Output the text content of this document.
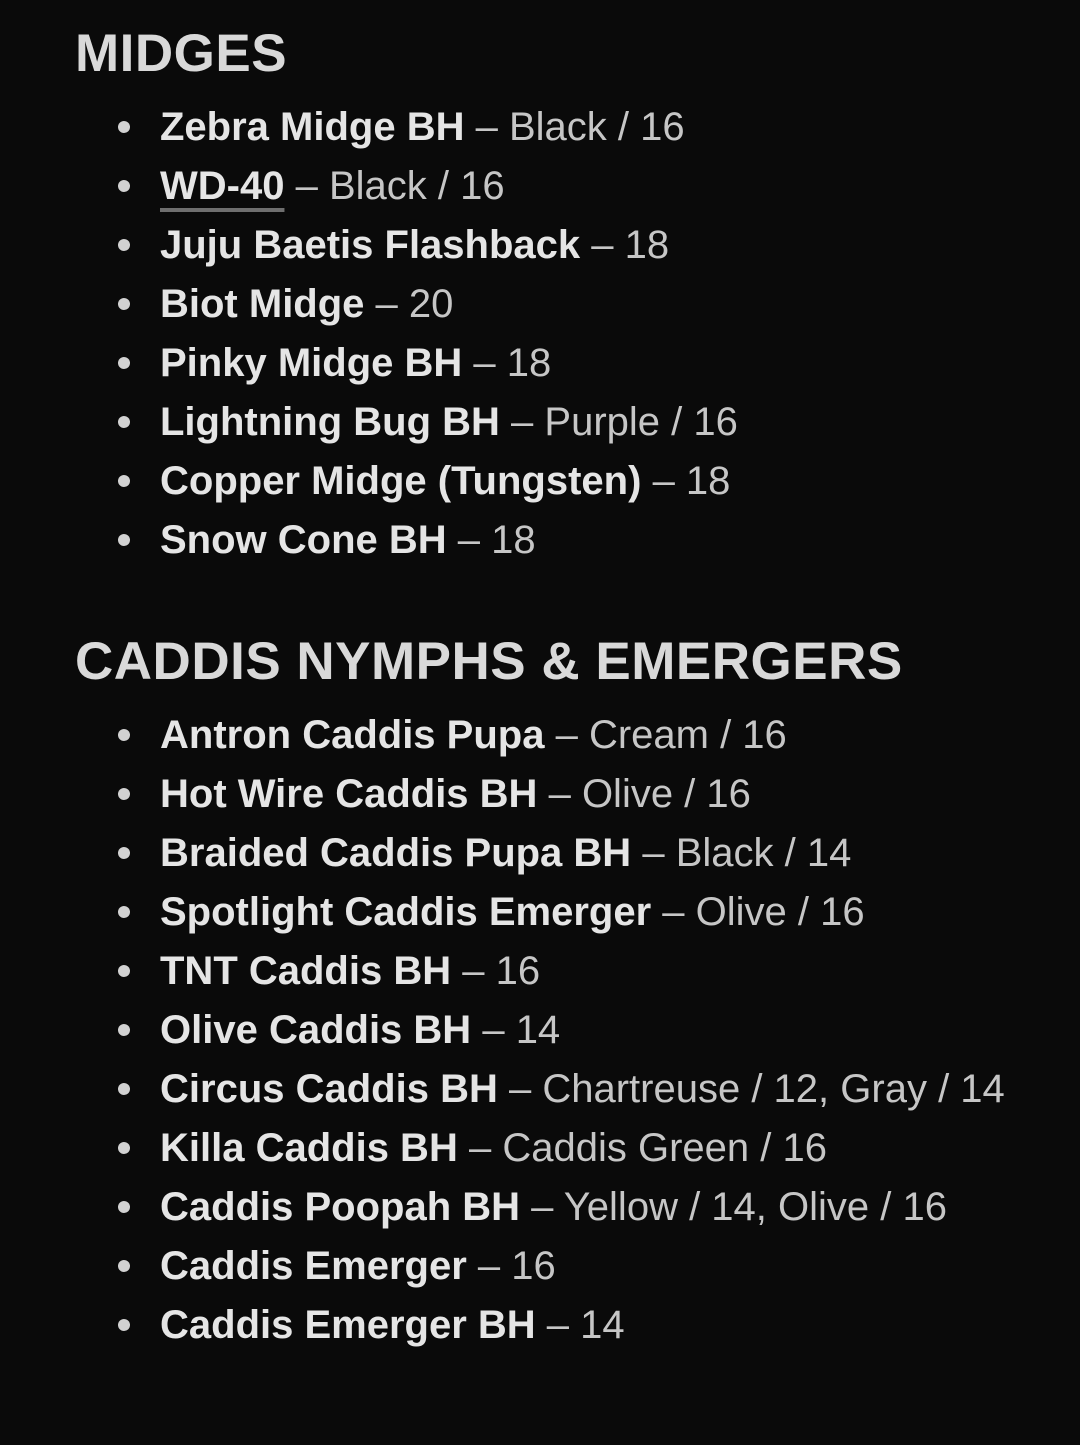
MIDGES
Zebra Midge BH – Black / 16
WD-40 – Black / 16
Juju Baetis Flashback – 18
Biot Midge – 20
Pinky Midge BH – 18
Lightning Bug BH – Purple / 16
Copper Midge (Tungsten) – 18
Snow Cone BH – 18
CADDIS NYMPHS & EMERGERS
Antron Caddis Pupa – Cream / 16
Hot Wire Caddis BH – Olive / 16
Braided Caddis Pupa BH – Black / 14
Spotlight Caddis Emerger – Olive / 16
TNT Caddis BH – 16
Olive Caddis BH – 14
Circus Caddis BH – Chartreuse / 12, Gray / 14
Killa Caddis BH – Caddis Green / 16
Caddis Poopah BH – Yellow / 14, Olive / 16
Caddis Emerger – 16
Caddis Emerger BH – 14
